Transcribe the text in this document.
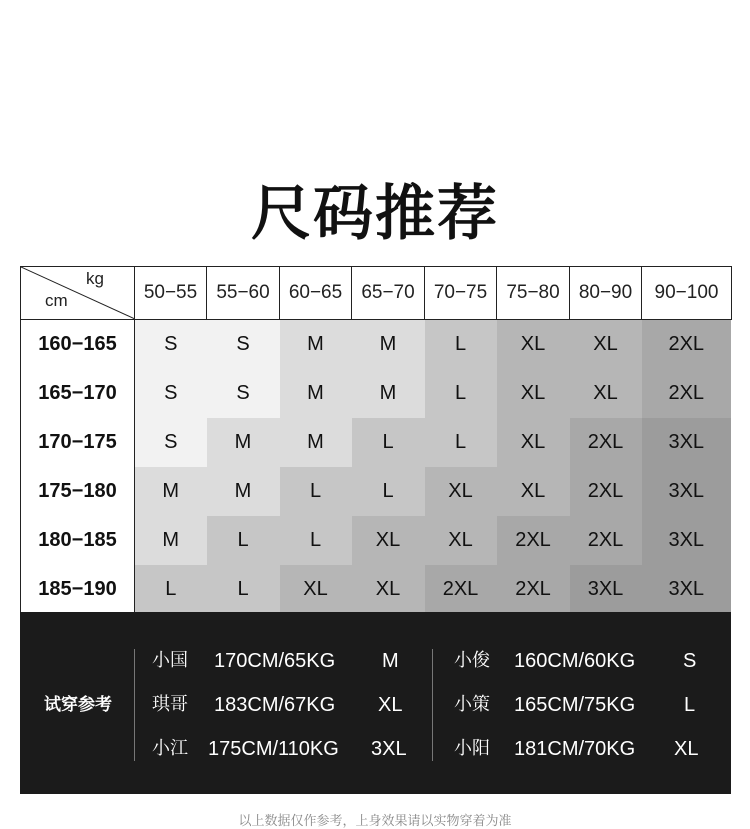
尺码推荐
kg
cm	50−55	55−60	60−65	65−70	70−75	75−80	80−90	90−100
160−165	S	S	M	M	L	XL	XL	2XL
165−170	S	S	M	M	L	XL	XL	2XL
170−175	S	M	M	L	L	XL	2XL	3XL
175−180	M	M	L	L	XL	XL	2XL	3XL
180−185	M	L	L	XL	XL	2XL	2XL	3XL
185−190	L	L	XL	XL	2XL	2XL	3XL	3XL
试穿参考
小国 170CM/65KG M
琪哥 183CM/67KG XL
小江 175CM/110KG 3XL
小俊 160CM/60KG S
小策 165CM/75KG L
小阳 181CM/70KG XL
以上数据仅作参考，上身效果请以实物穿着为准
